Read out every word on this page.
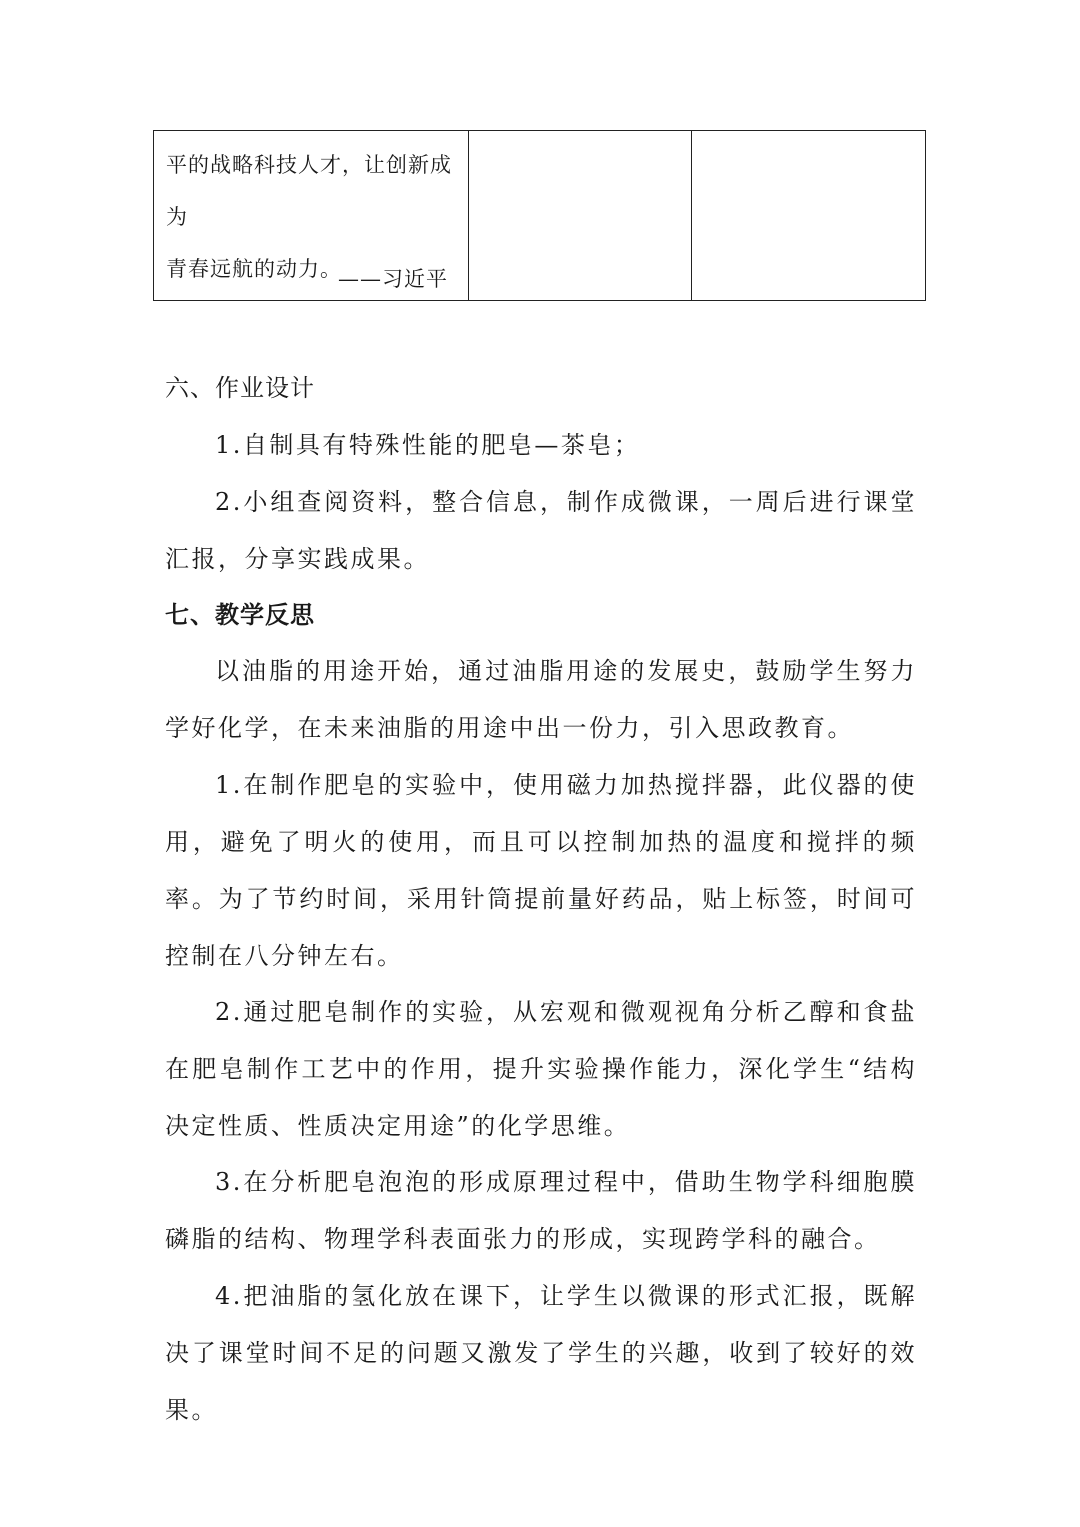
平的战略科技人才，让创新成为
青春远航的动力。
——习近平
六、作业设计
1.自制具有特殊性能的肥皂—茶皂；
2.小组查阅资料，整合信息，制作成微课，一周后进行课堂汇报，分享实践成果。
七、教学反思
以油脂的用途开始，通过油脂用途的发展史，鼓励学生努力学好化学，在未来油脂的用途中出一份力，引入思政教育。
1.在制作肥皂的实验中，使用磁力加热搅拌器，此仪器的使用，避免了明火的使用，而且可以控制加热的温度和搅拌的频率。为了节约时间，采用针筒提前量好药品，贴上标签，时间可控制在八分钟左右。
2.通过肥皂制作的实验，从宏观和微观视角分析乙醇和食盐在肥皂制作工艺中的作用，提升实验操作能力，深化学生“结构决定性质、性质决定用途”的化学思维。
3.在分析肥皂泡泡的形成原理过程中，借助生物学科细胞膜磷脂的结构、物理学科表面张力的形成，实现跨学科的融合。
4.把油脂的氢化放在课下，让学生以微课的形式汇报，既解决了课堂时间不足的问题又激发了学生的兴趣，收到了较好的效果。
